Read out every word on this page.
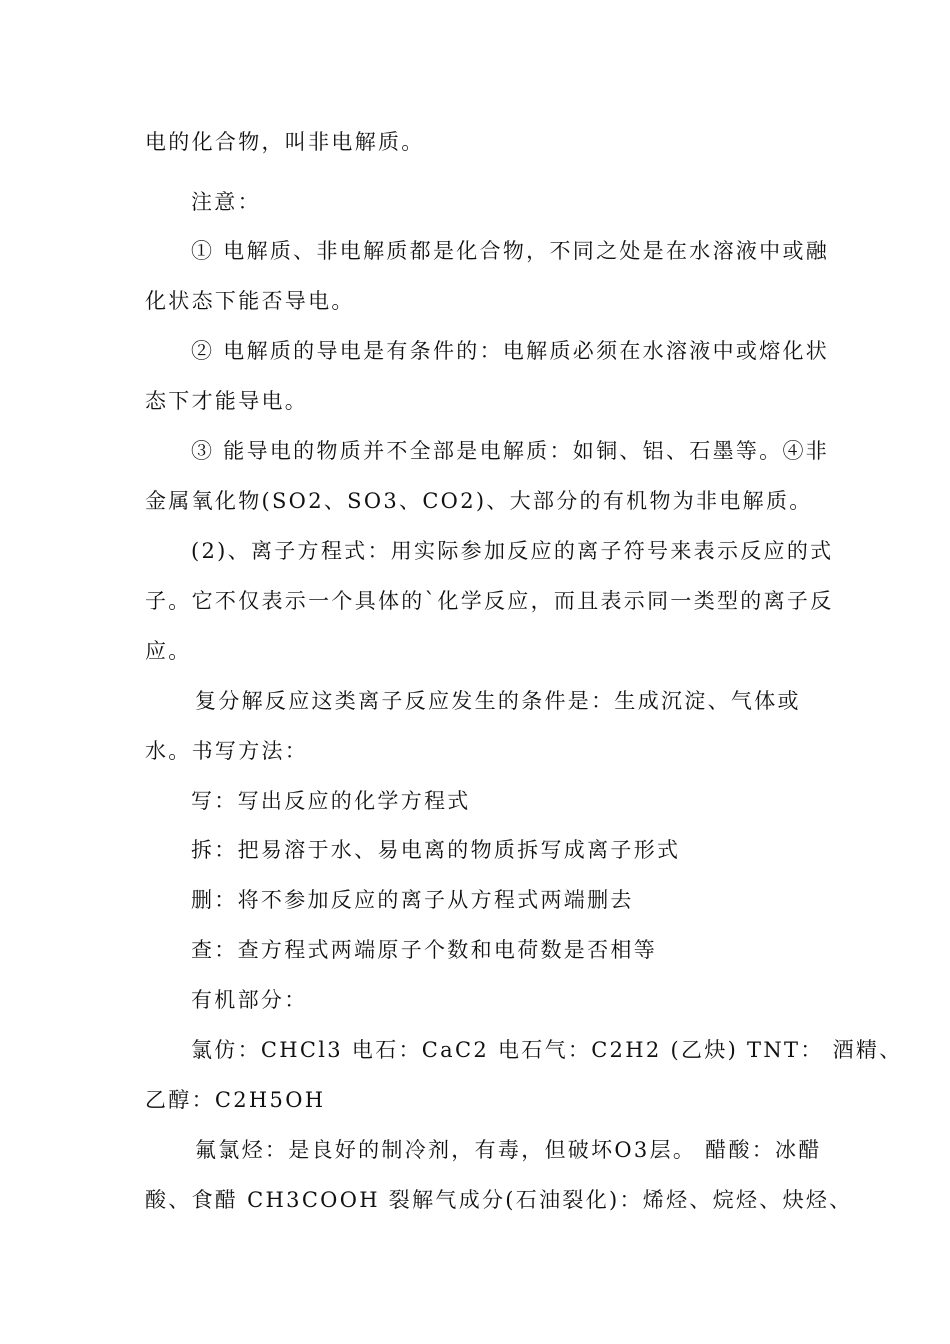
电的化合物，叫非电解质。
注意：
① 电解质、非电解质都是化合物，不同之处是在水溶液中或融
化状态下能否导电。
② 电解质的导电是有条件的：电解质必须在水溶液中或熔化状
态下才能导电。
③ 能导电的物质并不全部是电解质：如铜、铝、石墨等。④非
金属氧化物(SO2、SO3、CO2)、大部分的有机物为非电解质。
(2)、离子方程式：用实际参加反应的离子符号来表示反应的式
子。它不仅表示一个具体的`化学反应，而且表示同一类型的离子反
应。
复分解反应这类离子反应发生的条件是：生成沉淀、气体或
水。书写方法：
写：写出反应的化学方程式
拆：把易溶于水、易电离的物质拆写成离子形式
删：将不参加反应的离子从方程式两端删去
查：查方程式两端原子个数和电荷数是否相等
有机部分：
氯仿：CHCl3 电石：CaC2 电石气：C2H2 (乙炔) TNT： 酒精、
乙醇：C2H5OH
氟氯烃：是良好的制冷剂，有毒，但破坏O3层。 醋酸：冰醋
酸、食醋 CH3COOH 裂解气成分(石油裂化)：烯烃、烷烃、炔烃、
